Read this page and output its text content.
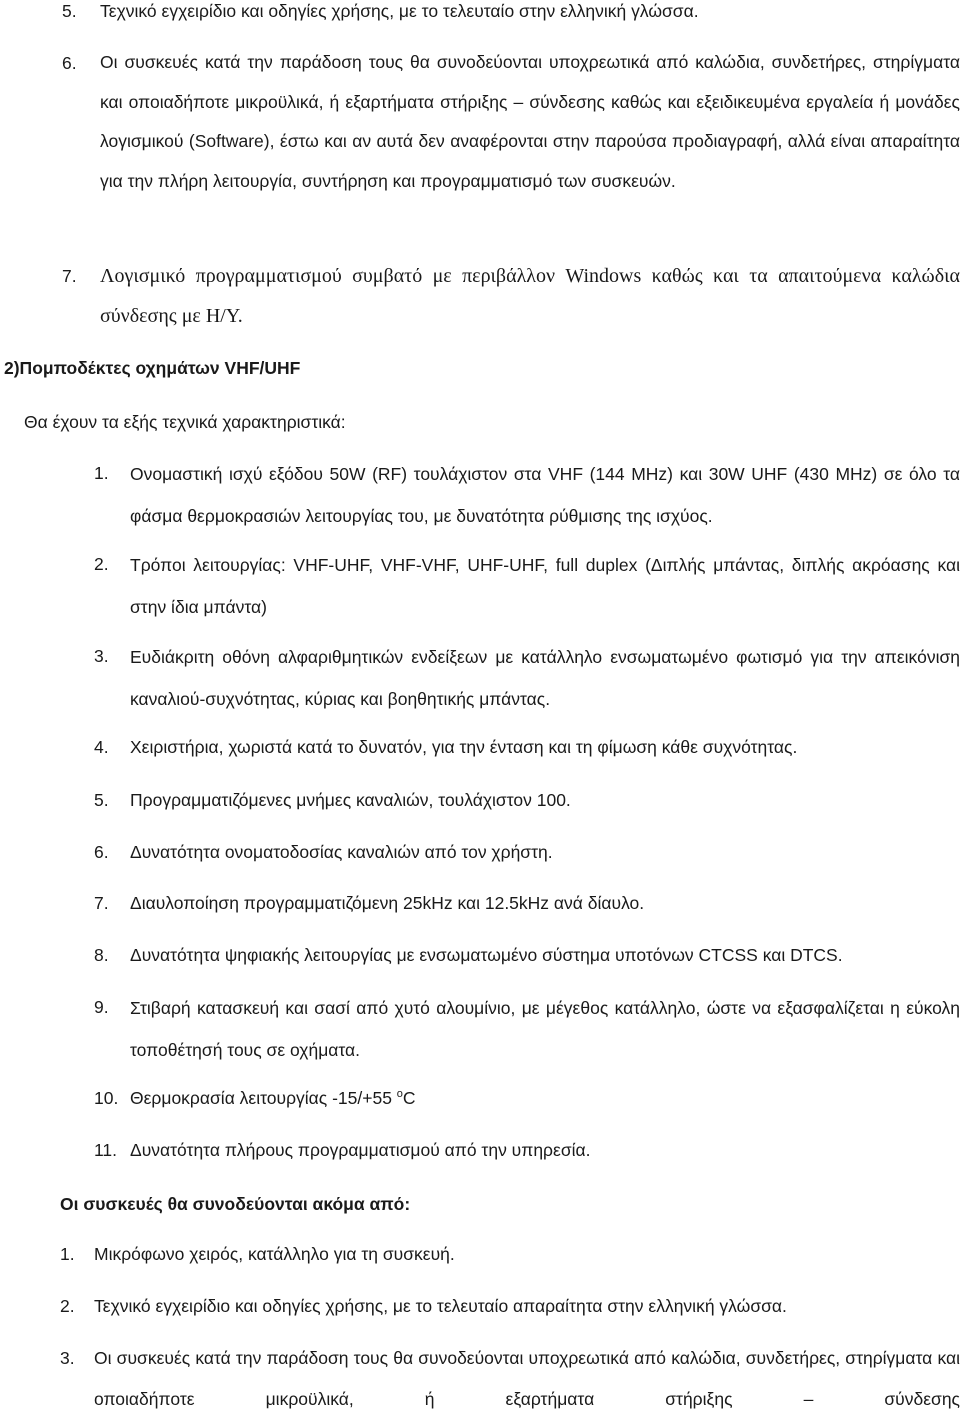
5. Τεχνικό εγχειρίδιο και οδηγίες χρήσης, με το τελευταίο στην ελληνική γλώσσα.
6. Οι συσκευές κατά την παράδοση τους θα συνοδεύονται υποχρεωτικά από καλώδια, συνδετήρες, στηρίγματα και οποιαδήποτε μικροϋλικά, ή εξαρτήματα στήριξης – σύνδεσης καθώς και εξειδικευμένα εργαλεία ή μονάδες λογισμικού (Software), έστω και αν αυτά δεν αναφέρονται στην παρούσα προδιαγραφή, αλλά είναι απαραίτητα για την πλήρη λειτουργία, συντήρηση και προγραμματισμό των συσκευών.
7. Λογισμικό προγραμματισμού συμβατό με περιβάλλον Windows καθώς και τα απαιτούμενα καλώδια σύνδεσης με Η/Υ.
2)Πομποδέκτες οχημάτων VHF/UHF
Θα έχουν τα εξής τεχνικά χαρακτηριστικά:
1. Ονομαστική ισχύ εξόδου 50W (RF) τουλάχιστον στα VHF (144 MHz) και 30W UHF (430 MHz) σε όλο τα φάσμα θερμοκρασιών λειτουργίας του, με δυνατότητα ρύθμισης της ισχύος.
2. Τρόποι λειτουργίας: VHF-UHF, VHF-VHF, UHF-UHF, full duplex (Διπλής μπάντας, διπλής ακρόασης και στην ίδια μπάντα)
3. Ευδιάκριτη οθόνη αλφαριθμητικών ενδείξεων με κατάλληλο ενσωματωμένο φωτισμό για την απεικόνιση καναλιού-συχνότητας, κύριας και βοηθητικής μπάντας.
4. Χειριστήρια, χωριστά κατά το δυνατόν, για την ένταση και τη φίμωση κάθε συχνότητας.
5. Προγραμματιζόμενες μνήμες καναλιών, τουλάχιστον 100.
6. Δυνατότητα ονοματοδοσίας καναλιών από τον χρήστη.
7. Διαυλοποίηση προγραμματιζόμενη 25kHz και 12.5kHz ανά δίαυλο.
8. Δυνατότητα ψηφιακής λειτουργίας με ενσωματωμένο σύστημα υποτόνων CTCSS και DTCS.
9. Στιβαρή κατασκευή και σασί από χυτό αλουμίνιο, με μέγεθος κατάλληλο, ώστε να εξασφαλίζεται η εύκολη τοποθέτησή τους σε οχήματα.
10. Θερμοκρασία λειτουργίας -15/+55 $^o$C
11. Δυνατότητα πλήρους προγραμματισμού από την υπηρεσία.
Οι συσκευές θα συνοδεύονται ακόμα από:
1. Μικρόφωνο χειρός, κατάλληλο για τη συσκευή.
2. Τεχνικό εγχειρίδιο και οδηγίες χρήσης, με το τελευταίο απαραίτητα στην ελληνική γλώσσα.
3. Οι συσκευές κατά την παράδοση τους θα συνοδεύονται υποχρεωτικά από καλώδια, συνδετήρες, στηρίγματα και οποιαδήποτε μικροϋλικά, ή εξαρτήματα στήριξης – σύνδεσης
